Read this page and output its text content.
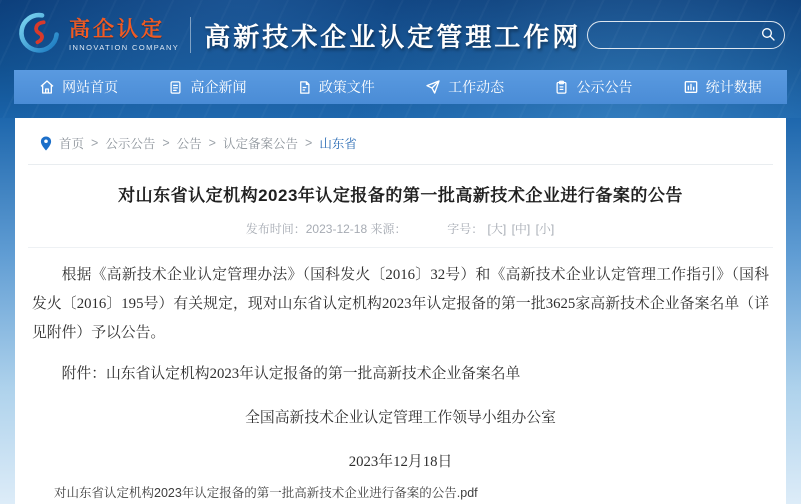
高企认定
INNOVATION COMPANY 高新技术企业认定管理工作网
网站首页	高企新闻	政策文件	工作动态	公示公告	统计数据
首页 > 公示公告 > 公告 > 认定备案公告 > 山东省
对山东省认定机构2023年认定报备的第一批高新技术企业进行备案的公告
发布时间：2023-12-18 来源：	字号： [大] [中] [小]

根据《高新技术企业认定管理办法》（国科发火〔2016〕32号）和《高新技术企业认定管理工作指引》（国科发火〔2016〕195号）有关规定，现对山东省认定机构2023年认定报备的第一批3625家高新技术企业备案名单（详见附件）予以公告。

附件：山东省认定机构2023年认定报备的第一批高新技术企业备案名单

全国高新技术企业认定管理工作领导小组办公室

2023年12月18日

对山东省认定机构2023年认定报备的第一批高新技术企业进行备案的公告.pdf
